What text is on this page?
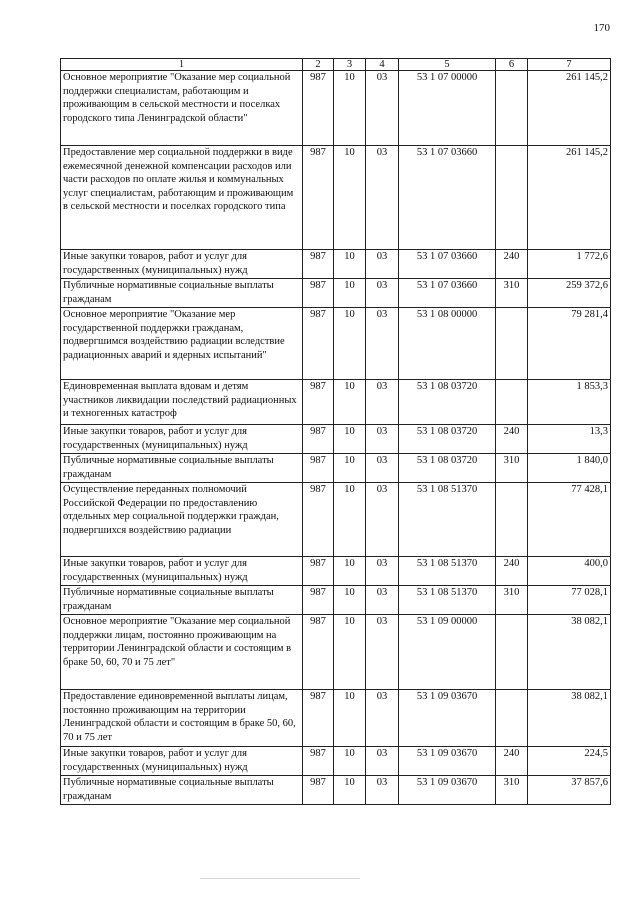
170
1	2	3	4	5	6	7
Основное мероприятие "Оказание мер социальной поддержки специалистам, работающим и проживающим в сельской местности и поселках городского типа Ленинградской области"	987	10	03	53 1 07 00000		261 145,2
Предоставление мер социальной поддержки в виде ежемесячной денежной компенсации расходов или части расходов по оплате жилья и коммунальных услуг специалистам, работающим и проживающим в сельской местности и поселках городского типа	987	10	03	53 1 07 03660		261 145,2
Иные закупки товаров, работ и услуг для государственных (муниципальных) нужд	987	10	03	53 1 07 03660	240	1 772,6
Публичные нормативные социальные выплаты гражданам	987	10	03	53 1 07 03660	310	259 372,6
Основное мероприятие "Оказание мер государственной поддержки гражданам, подвергшимся воздействию радиации вследствие радиационных аварий и ядерных испытаний"	987	10	03	53 1 08 00000		79 281,4
Единовременная выплата вдовам и детям участников ликвидации последствий радиационных и техногенных катастроф	987	10	03	53 1 08 03720		1 853,3
Иные закупки товаров, работ и услуг для государственных (муниципальных) нужд	987	10	03	53 1 08 03720	240	13,3
Публичные нормативные социальные выплаты гражданам	987	10	03	53 1 08 03720	310	1 840,0
Осуществление переданных полномочий Российской Федерации по предоставлению отдельных мер социальной поддержки граждан, подвергшихся воздействию радиации	987	10	03	53 1 08 51370		77 428,1
Иные закупки товаров, работ и услуг для государственных (муниципальных) нужд	987	10	03	53 1 08 51370	240	400,0
Публичные нормативные социальные выплаты гражданам	987	10	03	53 1 08 51370	310	77 028,1
Основное мероприятие "Оказание мер социальной поддержки лицам, постоянно проживающим на территории Ленинградской области и состоящим в браке 50, 60, 70 и 75 лет"	987	10	03	53 1 09 00000		38 082,1
Предоставление единовременной выплаты лицам, постоянно проживающим на территории Ленинградской области и состоящим в браке 50, 60, 70 и 75 лет	987	10	03	53 1 09 03670		38 082,1
Иные закупки товаров, работ и услуг для государственных (муниципальных) нужд	987	10	03	53 1 09 03670	240	224,5
Публичные нормативные социальные выплаты гражданам	987	10	03	53 1 09 03670	310	37 857,6
